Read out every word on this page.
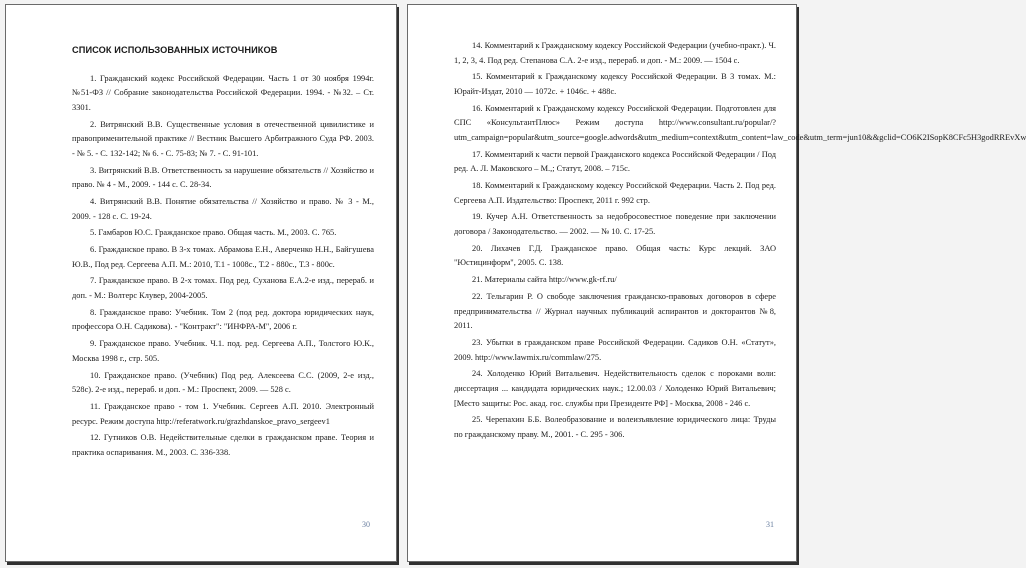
СПИСОК ИСПОЛЬЗОВАННЫХ ИСТОЧНИКОВ

1. Гражданский кодекс Российской Федерации. Часть 1 от 30 ноября 1994г. №51-ФЗ // Собрание законодательства Российской Федерации. 1994. - №32. – Ст. 3301.

2. Витрянский В.В. Существенные условия в отечественной цивилистике и правоприменительной практике // Вестник Высшего Арбитражного Суда РФ. 2003. - № 5. - С. 132-142; № 6. - С. 75-83; № 7. - С. 91-101.

3. Витрянский В.В. Ответственность за нарушение обязательств // Хозяйство и право. № 4 - М., 2009. - 144 с. С. 28-34.

4. Витрянский В.В. Понятие обязательства // Хозяйство и право. № 3 - М., 2009. - 128 с. С. 19-24.

5. Гамбаров Ю.С. Гражданское право. Общая часть. М., 2003. С. 765.

6. Гражданское право. В 3-х томах. Абрамова Е.Н., Аверченко Н.Н., Байгушева Ю.В., Под ред. Сергеева А.П. М.: 2010, Т.1 - 1008с., Т.2 - 880с., Т.3 - 800с.

7. Гражданское право. В 2-х томах. Под ред. Суханова Е.А.2-е изд., перераб. и доп. - М.: Волтерс Клувер, 2004-2005.

8. Гражданское право: Учебник. Том 2 (под ред. доктора юридических наук, профессора О.Н. Садикова). - "Контракт": "ИНФРА-М", 2006 г.

9. Гражданское право. Учебник. Ч.1. под. ред. Сергеева А.П., Толстого Ю.К., Москва 1998 г., стр. 505.

10. Гражданское право. (Учебник) Под ред. Алексеева С.С. (2009, 2-е изд., 528с). 2-е изд., перераб. и доп. - М.: Проспект, 2009. — 528 с.

11. Гражданское право - том 1. Учебник. Сергеев А.П. 2010. Электронный ресурс. Режим доступа http://referatwork.ru/grazhdanskoe_pravo_sergeev1

12. Гутников О.В. Недействительные сделки в гражданском праве. Теория и практика оспаривания. М., 2003. С. 336-338.

30

14. Комментарий к Гражданскому кодексу Российской Федерации (учебно-практ.). Ч. 1, 2, 3, 4. Под ред. Степанова С.А. 2-е изд., перераб. и доп. - М.: 2009. — 1504 с.

15. Комментарий к Гражданскому кодексу Российской Федерации. В 3 томах. М.: Юрайт-Издат, 2010 — 1072с. + 1046с. + 488с.

16. Комментарий к Гражданскому кодексу Российской Федерации. Подготовлен для СПС «КонсультантПлюс» Режим доступа http://www.consultant.ru/popular/?utm_campaign=popular&utm_source=google.adwords&utm_medium=context&utm_content=law_code&utm_term=jun10&&gclid=CO6K2ISopK8CFc5H3godRREvXw

17. Комментарий к части первой Гражданского кодекса Российской Федерации / Под ред. А. Л. Маковского – М.,; Статут, 2008. – 715с.

18. Комментарий к Гражданскому кодексу Российской Федерации. Часть 2. Под ред. Сергеева А.П. Издательство: Проспект, 2011 г. 992 стр.

19. Кучер А.Н. Ответственность за недобросовестное поведение при заключении договора / Законодательство. — 2002. — № 10. С. 17-25.

20. Лихачев Г.Д. Гражданское право. Общая часть: Курс лекций. ЗАО "Юстицинформ", 2005. С. 138.

21. Материалы сайта http://www.gk-rf.ru/

22. Тельгарин Р. О свободе заключения гражданско-правовых договоров в сфере предпринимательства // Журнал научных публикаций аспирантов и докторантов №8, 2011.

23. Убытки в гражданском праве Российской Федерации. Садиков О.Н. «Статут», 2009. http://www.lawmix.ru/commlaw/275.

24. Холоденко Юрий Витальевич. Недействительность сделок с пороками воли: диссертация ... кандидата юридических наук.; 12.00.03 / Холоденко Юрий Витальевич; [Место защиты: Рос. акад. гос. службы при Президенте РФ] - Москва, 2008 - 246 с.

25. Черепахин Б.Б. Волеобразование и волеизъявление юридического лица: Труды по гражданскому праву. М., 2001. - С. 295 - 306.

31
